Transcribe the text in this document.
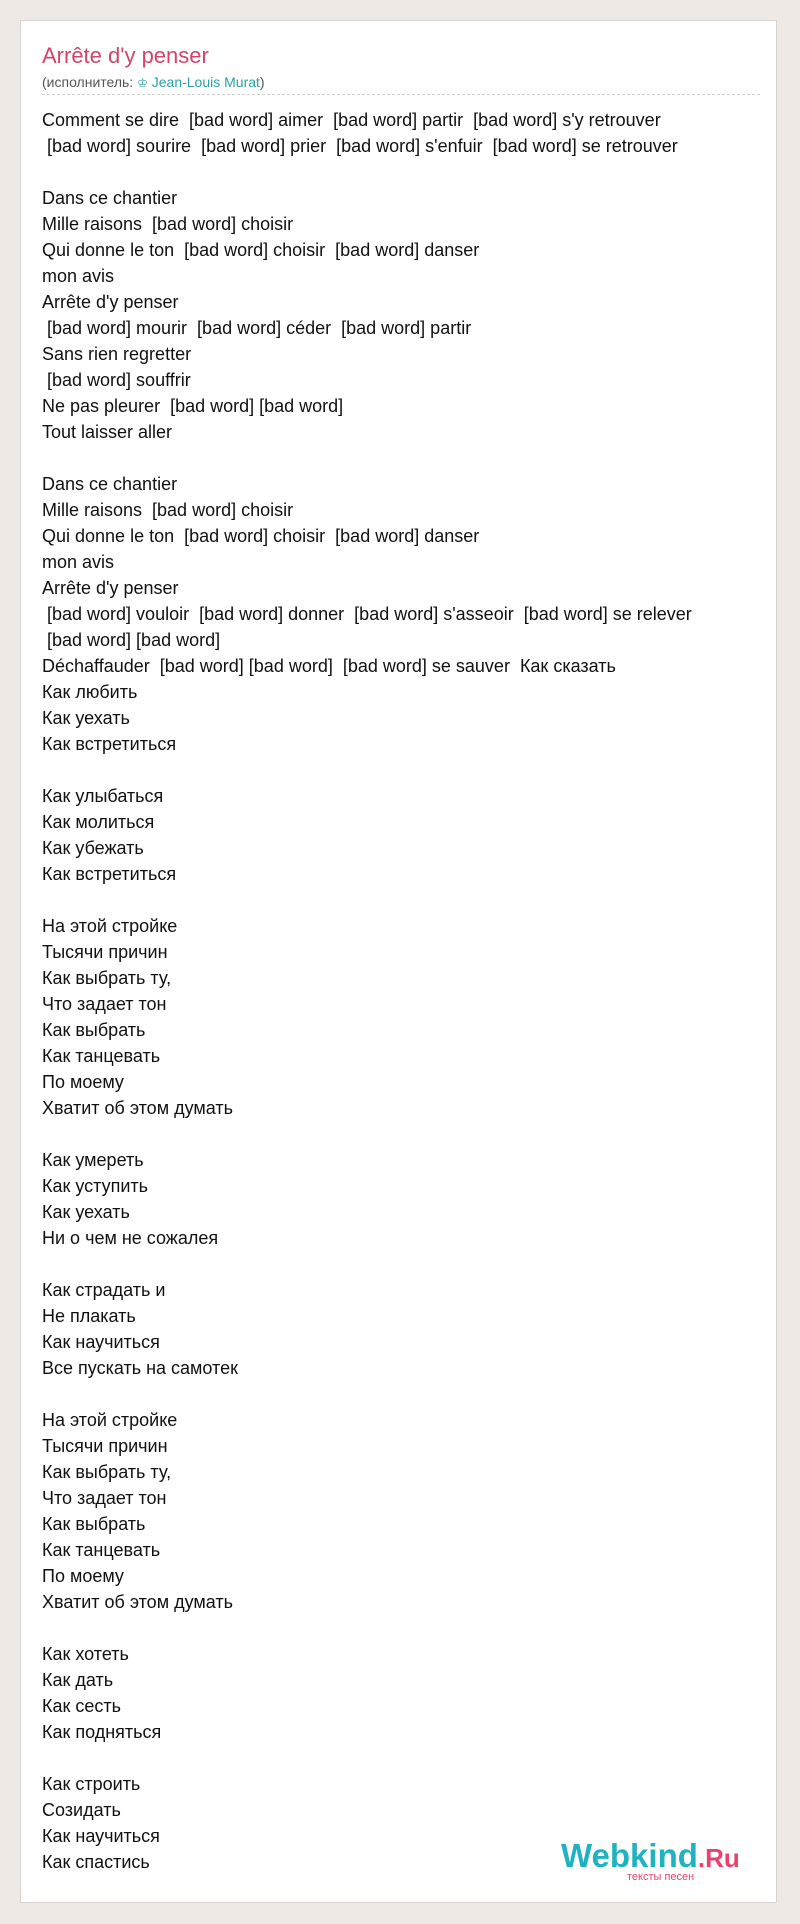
Arrête d'y penser
(исполнитель: ♔ Jean-Louis Murat)
Comment se dire  [bad word] aimer  [bad word] partir  [bad word] s'y retrouver
[bad word] sourire  [bad word] prier  [bad word] s'enfuir  [bad word] se retrouver
Dans ce chantier
Mille raisons  [bad word] choisir
Qui donne le ton  [bad word] choisir  [bad word] danser
mon avis
Arrête d'y penser
[bad word] mourir  [bad word] céder  [bad word] partir
Sans rien regretter
[bad word] souffrir
Ne pas pleurer  [bad word] [bad word]
Tout laisser aller
Dans ce chantier
Mille raisons  [bad word] choisir
Qui donne le ton  [bad word] choisir  [bad word] danser
mon avis
Arrête d'y penser
[bad word] vouloir  [bad word] donner  [bad word] s'asseoir  [bad word] se relever
[bad word] [bad word]
Déchaffauder  [bad word] [bad word]  [bad word] se sauver  Как сказать
Как любить
Как уехать
Как встретиться
Как улыбаться
Как молиться
Как убежать
Как встретиться
На этой стройке
Тысячи причин
Как выбрать ту,
Что задает тон
Как выбрать
Как танцевать
По моему
Хватит об этом думать
Как умереть
Как уступить
Как уехать
Ни о чем не сожалея
Как страдать и
Не плакать
Как научиться
Все пускать на самотек
На этой стройке
Тысячи причин
Как выбрать ту,
Что задает тон
Как выбрать
Как танцевать
По моему
Хватит об этом думать
Как хотеть
Как дать
Как сесть
Как подняться
Как строить
Созидать
Как научиться
Как спастись	Webkind.Ru
тексты песен
